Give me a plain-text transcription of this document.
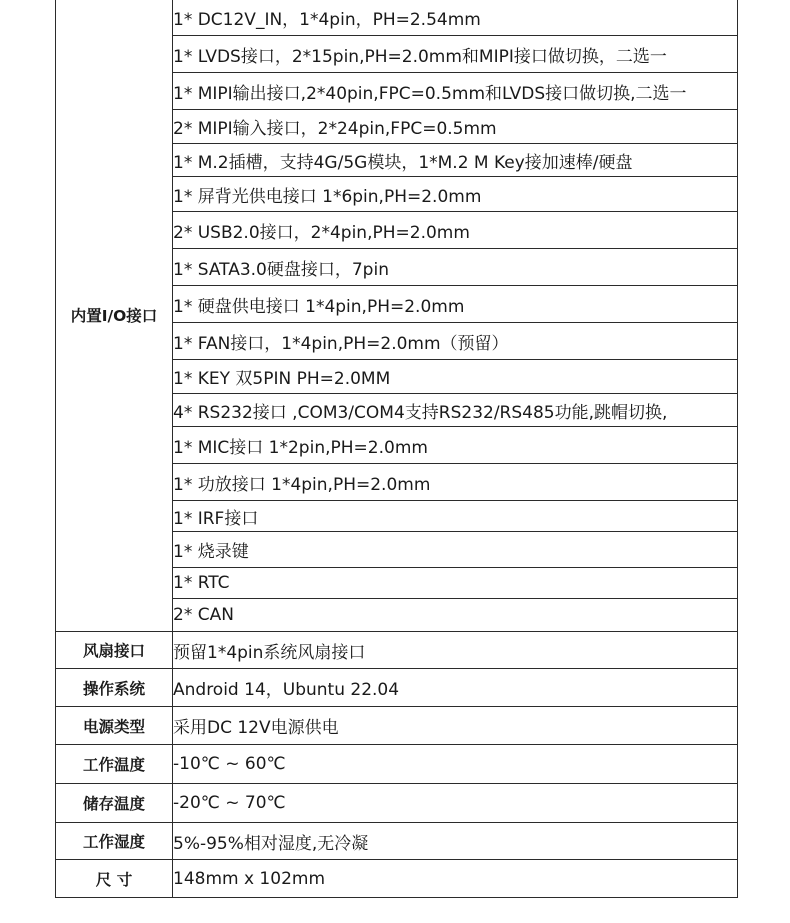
内置I/O接口	1* DC12V_IN，1*4pin，PH=2.54mm
	1* LVDS接口，2*15pin,PH=2.0mm和MIPI接口做切换，二选一
	1* MIPI输出接口,2*40pin,FPC=0.5mm和LVDS接口做切换,二选一
	2* MIPI输入接口，2*24pin,FPC=0.5mm
	1* M.2插槽，支持4G/5G模块，1*M.2 M Key接加速棒/硬盘
	1* 屏背光供电接口 1*6pin,PH=2.0mm
	2* USB2.0接口，2*4pin,PH=2.0mm
	1* SATA3.0硬盘接口，7pin
	1* 硬盘供电接口 1*4pin,PH=2.0mm
	1* FAN接口，1*4pin,PH=2.0mm（预留）
	1* KEY 双5PIN PH=2.0MM
	4* RS232接口 ,COM3/COM4支持RS232/RS485功能,跳帽切换,
	1* MIC接口 1*2pin,PH=2.0mm
	1* 功放接口 1*4pin,PH=2.0mm
	1* IRF接口
	1* 烧录键
	1* RTC
	2* CAN
风扇接口	预留1*4pin系统风扇接口
操作系统	Android 14，Ubuntu 22.04
电源类型	采用DC 12V电源供电
工作温度	-10℃ ~ 60℃
储存温度	-20℃ ~ 70℃
工作湿度	5%-95%相对湿度,无冷凝
尺 寸	148mm x 102mm
